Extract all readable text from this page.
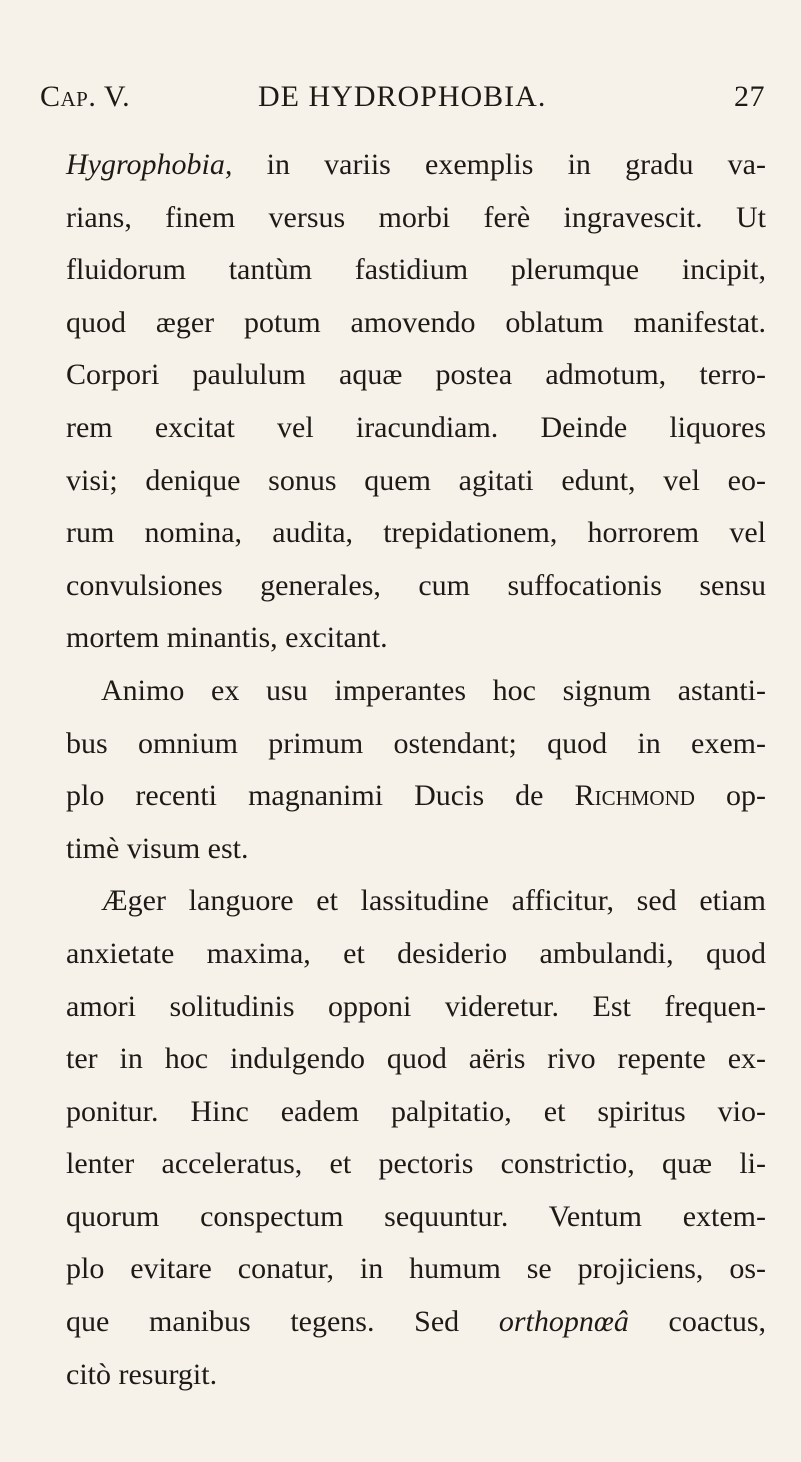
Cap. V.	DE HYDROPHOBIA.	27
Hygrophobia, in variis exemplis in gradu va-
rians, finem versus morbi ferè ingravescit. Ut
fluidorum tantùm fastidium plerumque incipit,
quod æger potum amovendo oblatum manifestat.
Corpori paululum aquæ postea admotum, terro-
rem excitat vel iracundiam. Deinde liquores
visi; denique sonus quem agitati edunt, vel eo-
rum nomina, audita, trepidationem, horrorem vel
convulsiones generales, cum suffocationis sensu
mortem minantis, excitant.
Animo ex usu imperantes hoc signum astanti-
bus omnium primum ostendant; quod in exem-
plo recenti magnanimi Ducis de Richmond op-
timè visum est.
Æger languore et lassitudine afficitur, sed etiam
anxietate maxima, et desiderio ambulandi, quod
amori solitudinis opponi videretur. Est frequen-
ter in hoc indulgendo quod aëris rivo repente ex-
ponitur. Hinc eadem palpitatio, et spiritus vio-
lenter acceleratus, et pectoris constrictio, quæ li-
quorum conspectum sequuntur. Ventum extem-
plo evitare conatur, in humum se projiciens, os-
que manibus tegens. Sed orthopnœâ coactus,
citò resurgit.
